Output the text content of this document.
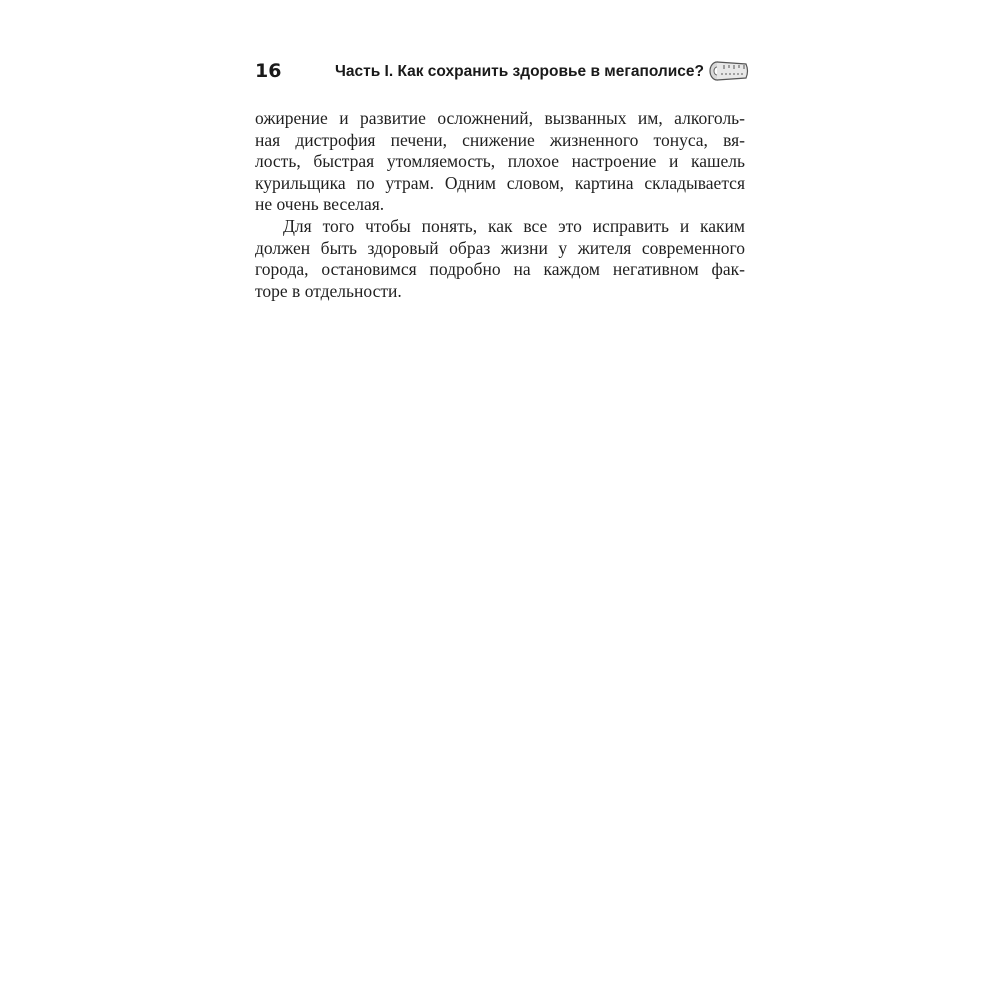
16	Часть I. Как сохранить здоровье в мегаполисе?
ожирение и развитие осложнений, вызванных им, алкоголь-
ная дистрофия печени, снижение жизненного тонуса, вя-
лость, быстрая утомляемость, плохое настроение и кашель
курильщика по утрам. Одним словом, картина складывается
не очень веселая.
Для того чтобы понять, как все это исправить и каким
должен быть здоровый образ жизни у жителя современного
города, остановимся подробно на каждом негативном фак-
торе в отдельности.
